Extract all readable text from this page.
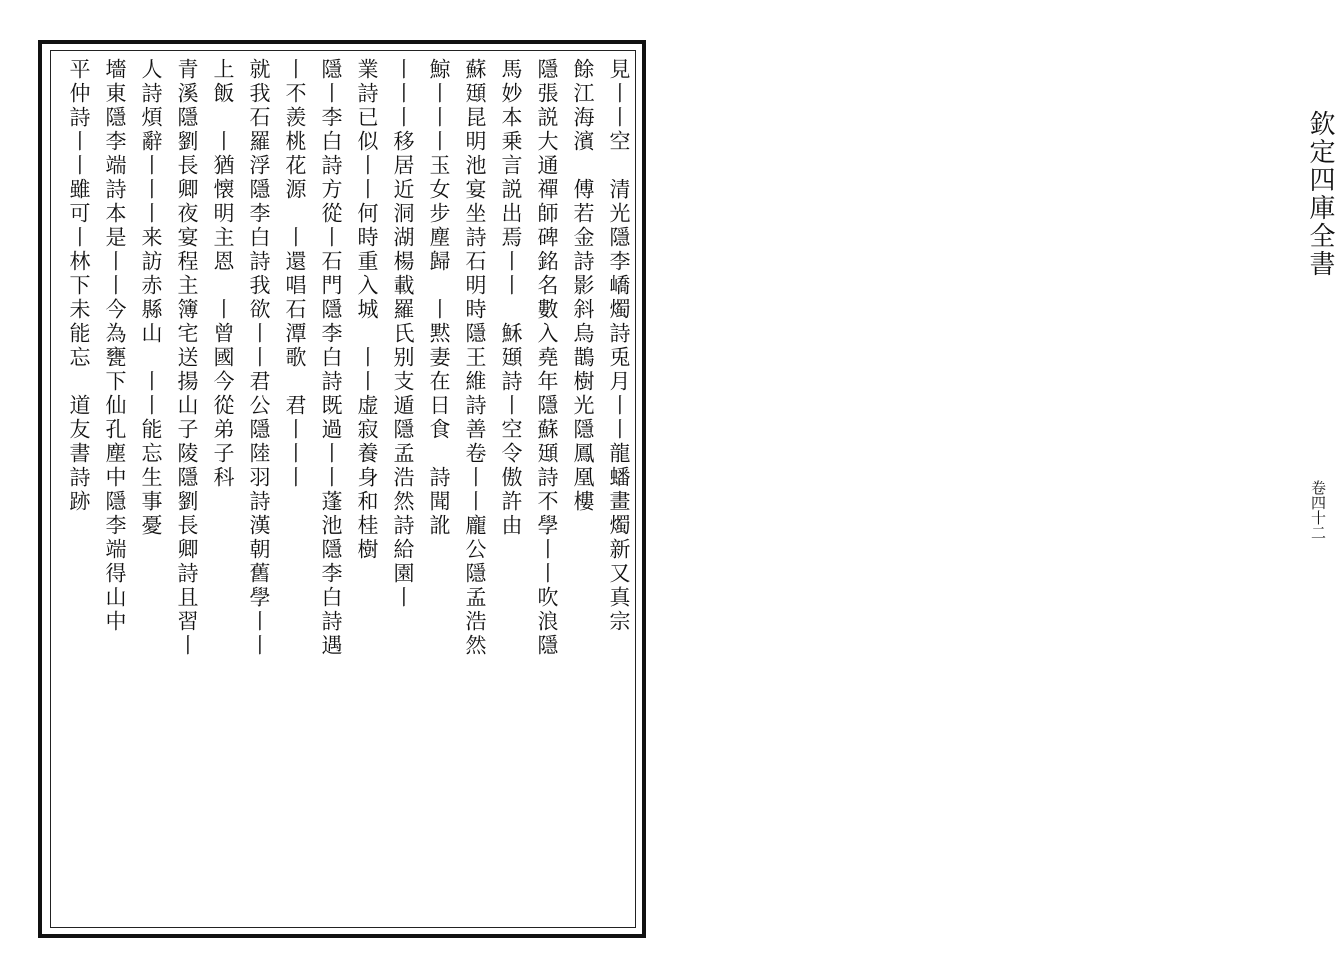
欽定四庫全書
卷四十二
見丨丨空　清光隱李嶠燭詩兎月丨丨龍蟠畫燭新又真宗
餘江海濱　傅若金詩影斜烏鵲樹光隱鳳凰樓
隱張説大通禪師碑銘名數入堯年隱蘇頲詩不學丨丨吹浪隱
馬妙本乗言説出焉丨丨　穌頲詩丨空令傲許由
蘇頲昆明池宴坐詩石明時隱王維詩善卷丨丨龐公隱孟浩然
鯨丨丨丨玉女步塵歸　丨黙妻在日食　詩聞訛
丨丨丨移居近洞湖楊載羅氏别支遁隱孟浩然詩給園丨
業詩已似丨丨何時重入城　丨丨虚寂養身和桂樹
隱丨李白詩方從丨石門隱李白詩既過丨丨蓬池隱李白詩遇
丨不羨桃花源　丨還唱石潭歌　君丨丨丨
就我石羅浮隱李白詩我欲丨丨君公隱陸羽詩漢朝舊學丨丨
上飯　丨猶懐明主恩　丨曾國今從弟子科
青溪隱劉長卿夜宴程主簿宅送揚山子陵隱劉長卿詩且習丨
人詩煩辭丨丨丨来訪赤縣山　丨丨能忘生事憂
墻東隱李端詩本是丨丨今為甕下仙孔塵中隱李端得山中
平仲詩丨丨雖可丨林下未能忘　道友書詩跡
